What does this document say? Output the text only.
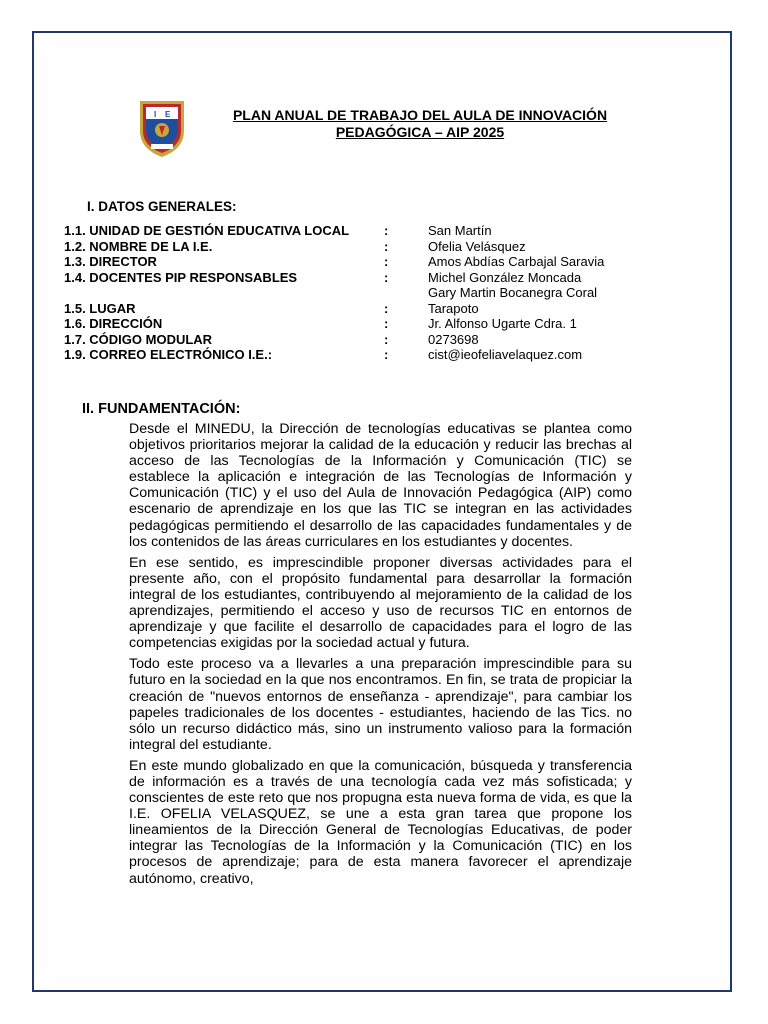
I E	PLAN ANUAL DE TRABAJO DEL AULA DE INNOVACIÓN
PEDAGÓGICA – AIP 2025
I. DATOS GENERALES:
1.1. UNIDAD DE GESTIÓN EDUCATIVA LOCAL	:	San Martín
1.2. NOMBRE DE LA I.E.	:	Ofelia Velásquez
1.3. DIRECTOR	:	Amos Abdías Carbajal Saravia
1.4. DOCENTES PIP RESPONSABLES	:	Michel González Moncada
Gary Martin Bocanegra Coral
1.5. LUGAR	:	Tarapoto
1.6. DIRECCIÓN	:	Jr. Alfonso Ugarte Cdra. 1
1.7. CÓDIGO MODULAR	:	0273698
1.9. CORREO ELECTRÓNICO I.E.:	:	cist@ieofeliavelaquez.com
II. FUNDAMENTACIÓN:

Desde el MINEDU, la Dirección de tecnologías educativas se plantea como objetivos prioritarios mejorar la calidad de la educación y reducir las brechas al acceso de las Tecnologías de la Información y Comunicación (TIC) se establece la aplicación e integración de las Tecnologías de Información y Comunicación (TIC) y el uso del Aula de Innovación Pedagógica (AIP) como escenario de aprendizaje en los que las TIC se integran en las actividades pedagógicas permitiendo el desarrollo de las capacidades fundamentales y de los contenidos de las áreas curriculares en los estudiantes y docentes.

En ese sentido, es imprescindible proponer diversas actividades para el presente año, con el propósito fundamental para desarrollar la formación integral de los estudiantes, contribuyendo al mejoramiento de la calidad de los aprendizajes, permitiendo el acceso y uso de recursos TIC en entornos de aprendizaje y que facilite el desarrollo de capacidades para el logro de las competencias exigidas por la sociedad actual y futura.

Todo este proceso va a llevarles a una preparación imprescindible para su futuro en la sociedad en la que nos encontramos. En fin, se trata de propiciar la creación de "nuevos entornos de enseñanza - aprendizaje", para cambiar los papeles tradicionales de los docentes - estudiantes, haciendo de las Tics. no sólo un recurso didáctico más, sino un instrumento valioso para la formación integral del estudiante.

En este mundo globalizado en que la comunicación, búsqueda y transferencia de información es a través de una tecnología cada vez más sofisticada; y conscientes de este reto que nos propugna esta nueva forma de vida, es que la I.E. OFELIA VELASQUEZ, se une a esta gran tarea que propone los lineamientos de la Dirección General de Tecnologías Educativas, de poder integrar las Tecnologías de la Información y la Comunicación (TIC) en los procesos de aprendizaje; para de esta manera favorecer el aprendizaje autónomo, creativo,
